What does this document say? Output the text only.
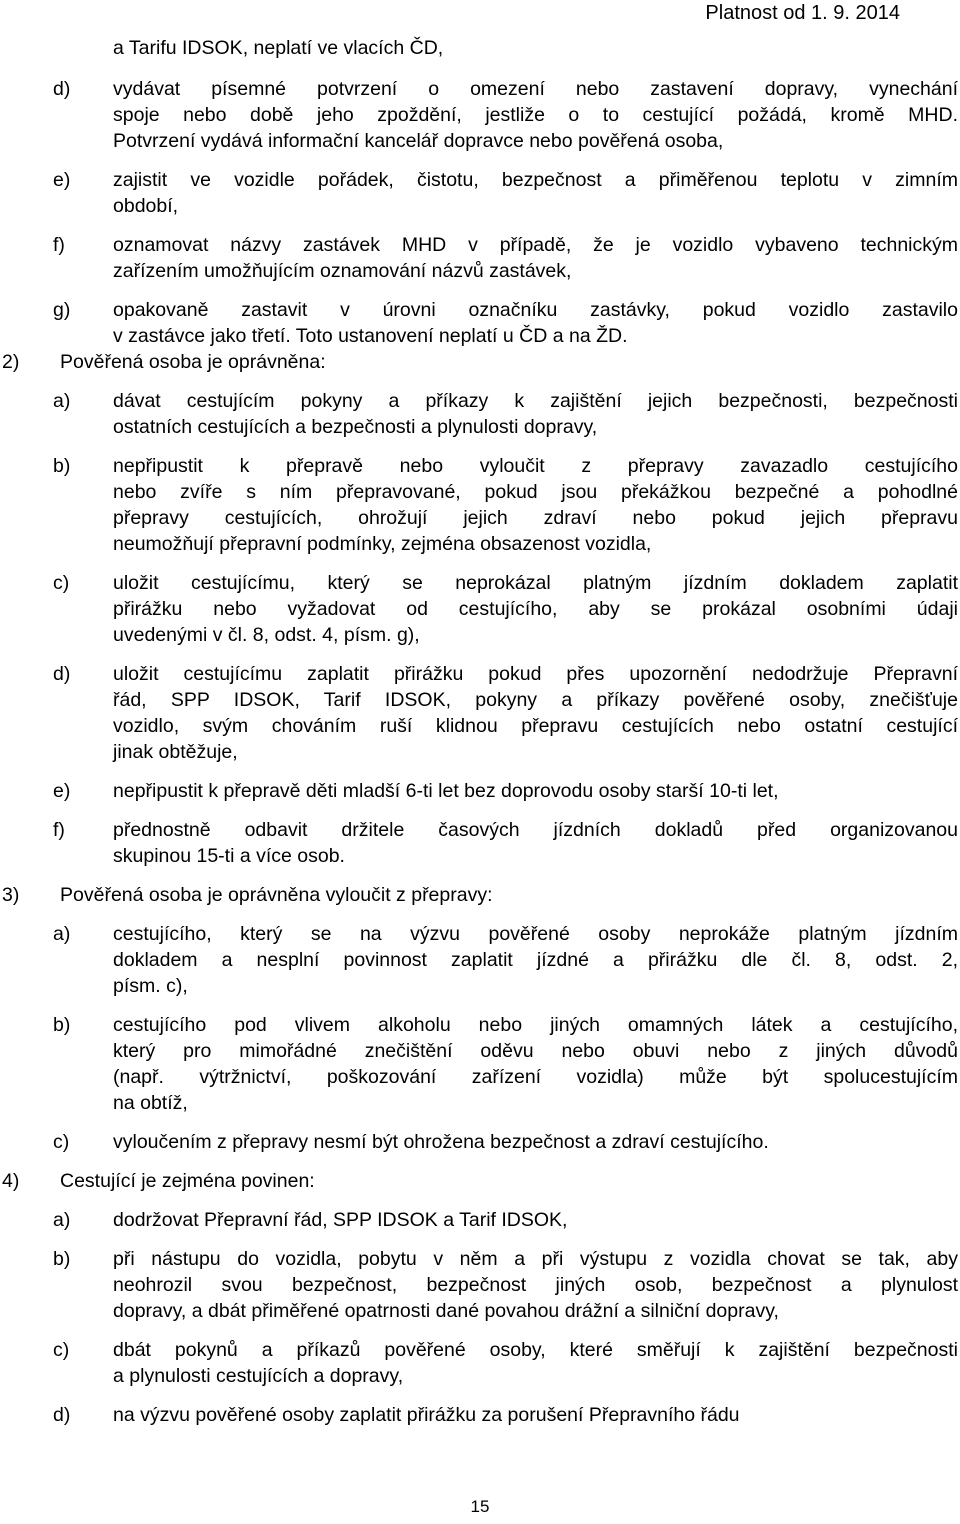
Platnost od 1. 9. 2014
a Tarifu IDSOK, neplatí ve vlacích ČD,
d) vydávat písemné potvrzení o omezení nebo zastavení dopravy, vynechání
spoje nebo době jeho zpoždění, jestliže o to cestující požádá, kromě MHD.
Potvrzení vydává informační kancelář dopravce nebo pověřená osoba,
e) zajistit ve vozidle pořádek, čistotu, bezpečnost a přiměřenou teplotu v zimním
období,
f) oznamovat názvy zastávek MHD v případě, že je vozidlo vybaveno technickým
zařízením umožňujícím oznamování názvů zastávek,
g) opakovaně zastavit v úrovni označníku zastávky, pokud vozidlo zastavilo
v zastávce jako třetí. Toto ustanovení neplatí u ČD a na ŽD.
2) Pověřená osoba je oprávněna:
a) dávat cestujícím pokyny a příkazy k zajištění jejich bezpečnosti, bezpečnosti
ostatních cestujících a bezpečnosti a plynulosti dopravy,
b) nepřipustit k přepravě nebo vyloučit z přepravy zavazadlo cestujícího
nebo zvíře s ním přepravované, pokud jsou překážkou bezpečné a pohodlné
přepravy cestujících, ohrožují jejich zdraví nebo pokud jejich přepravu
neumožňují přepravní podmínky, zejména obsazenost vozidla,
c) uložit cestujícímu, který se neprokázal platným jízdním dokladem zaplatit
přirážku nebo vyžadovat od cestujícího, aby se prokázal osobními údaji
uvedenými v čl. 8, odst. 4, písm. g),
d) uložit cestujícímu zaplatit přirážku pokud přes upozornění nedodržuje Přepravní
řád, SPP IDSOK, Tarif IDSOK, pokyny a příkazy pověřené osoby, znečišťuje
vozidlo, svým chováním ruší klidnou přepravu cestujících nebo ostatní cestující
jinak obtěžuje,
e) nepřipustit k přepravě děti mladší 6-ti let bez doprovodu osoby starší 10-ti let,
f) přednostně odbavit držitele časových jízdních dokladů před organizovanou
skupinou 15-ti a více osob.
3) Pověřená osoba je oprávněna vyloučit z přepravy:
a) cestujícího, který se na výzvu pověřené osoby neprokáže platným jízdním
dokladem a nesplní povinnost zaplatit jízdné a přirážku dle čl. 8, odst. 2,
písm. c),
b) cestujícího pod vlivem alkoholu nebo jiných omamných látek a cestujícího,
který pro mimořádné znečištění oděvu nebo obuvi nebo z jiných důvodů
(např. výtržnictví, poškozování zařízení vozidla) může být spolucestujícím
na obtíž,
c) vyloučením z přepravy nesmí být ohrožena bezpečnost a zdraví cestujícího.
4) Cestující je zejména povinen:
a) dodržovat Přepravní řád, SPP IDSOK a Tarif IDSOK,
b) při nástupu do vozidla, pobytu v něm a při výstupu z vozidla chovat se tak, aby
neohrozil svou bezpečnost, bezpečnost jiných osob, bezpečnost a plynulost
dopravy, a dbát přiměřené opatrnosti dané povahou drážní a silniční dopravy,
c) dbát pokynů a příkazů pověřené osoby, které směřují k zajištění bezpečnosti
a plynulosti cestujících a dopravy,
d) na výzvu pověřené osoby zaplatit přirážku za porušení Přepravního řádu
15
